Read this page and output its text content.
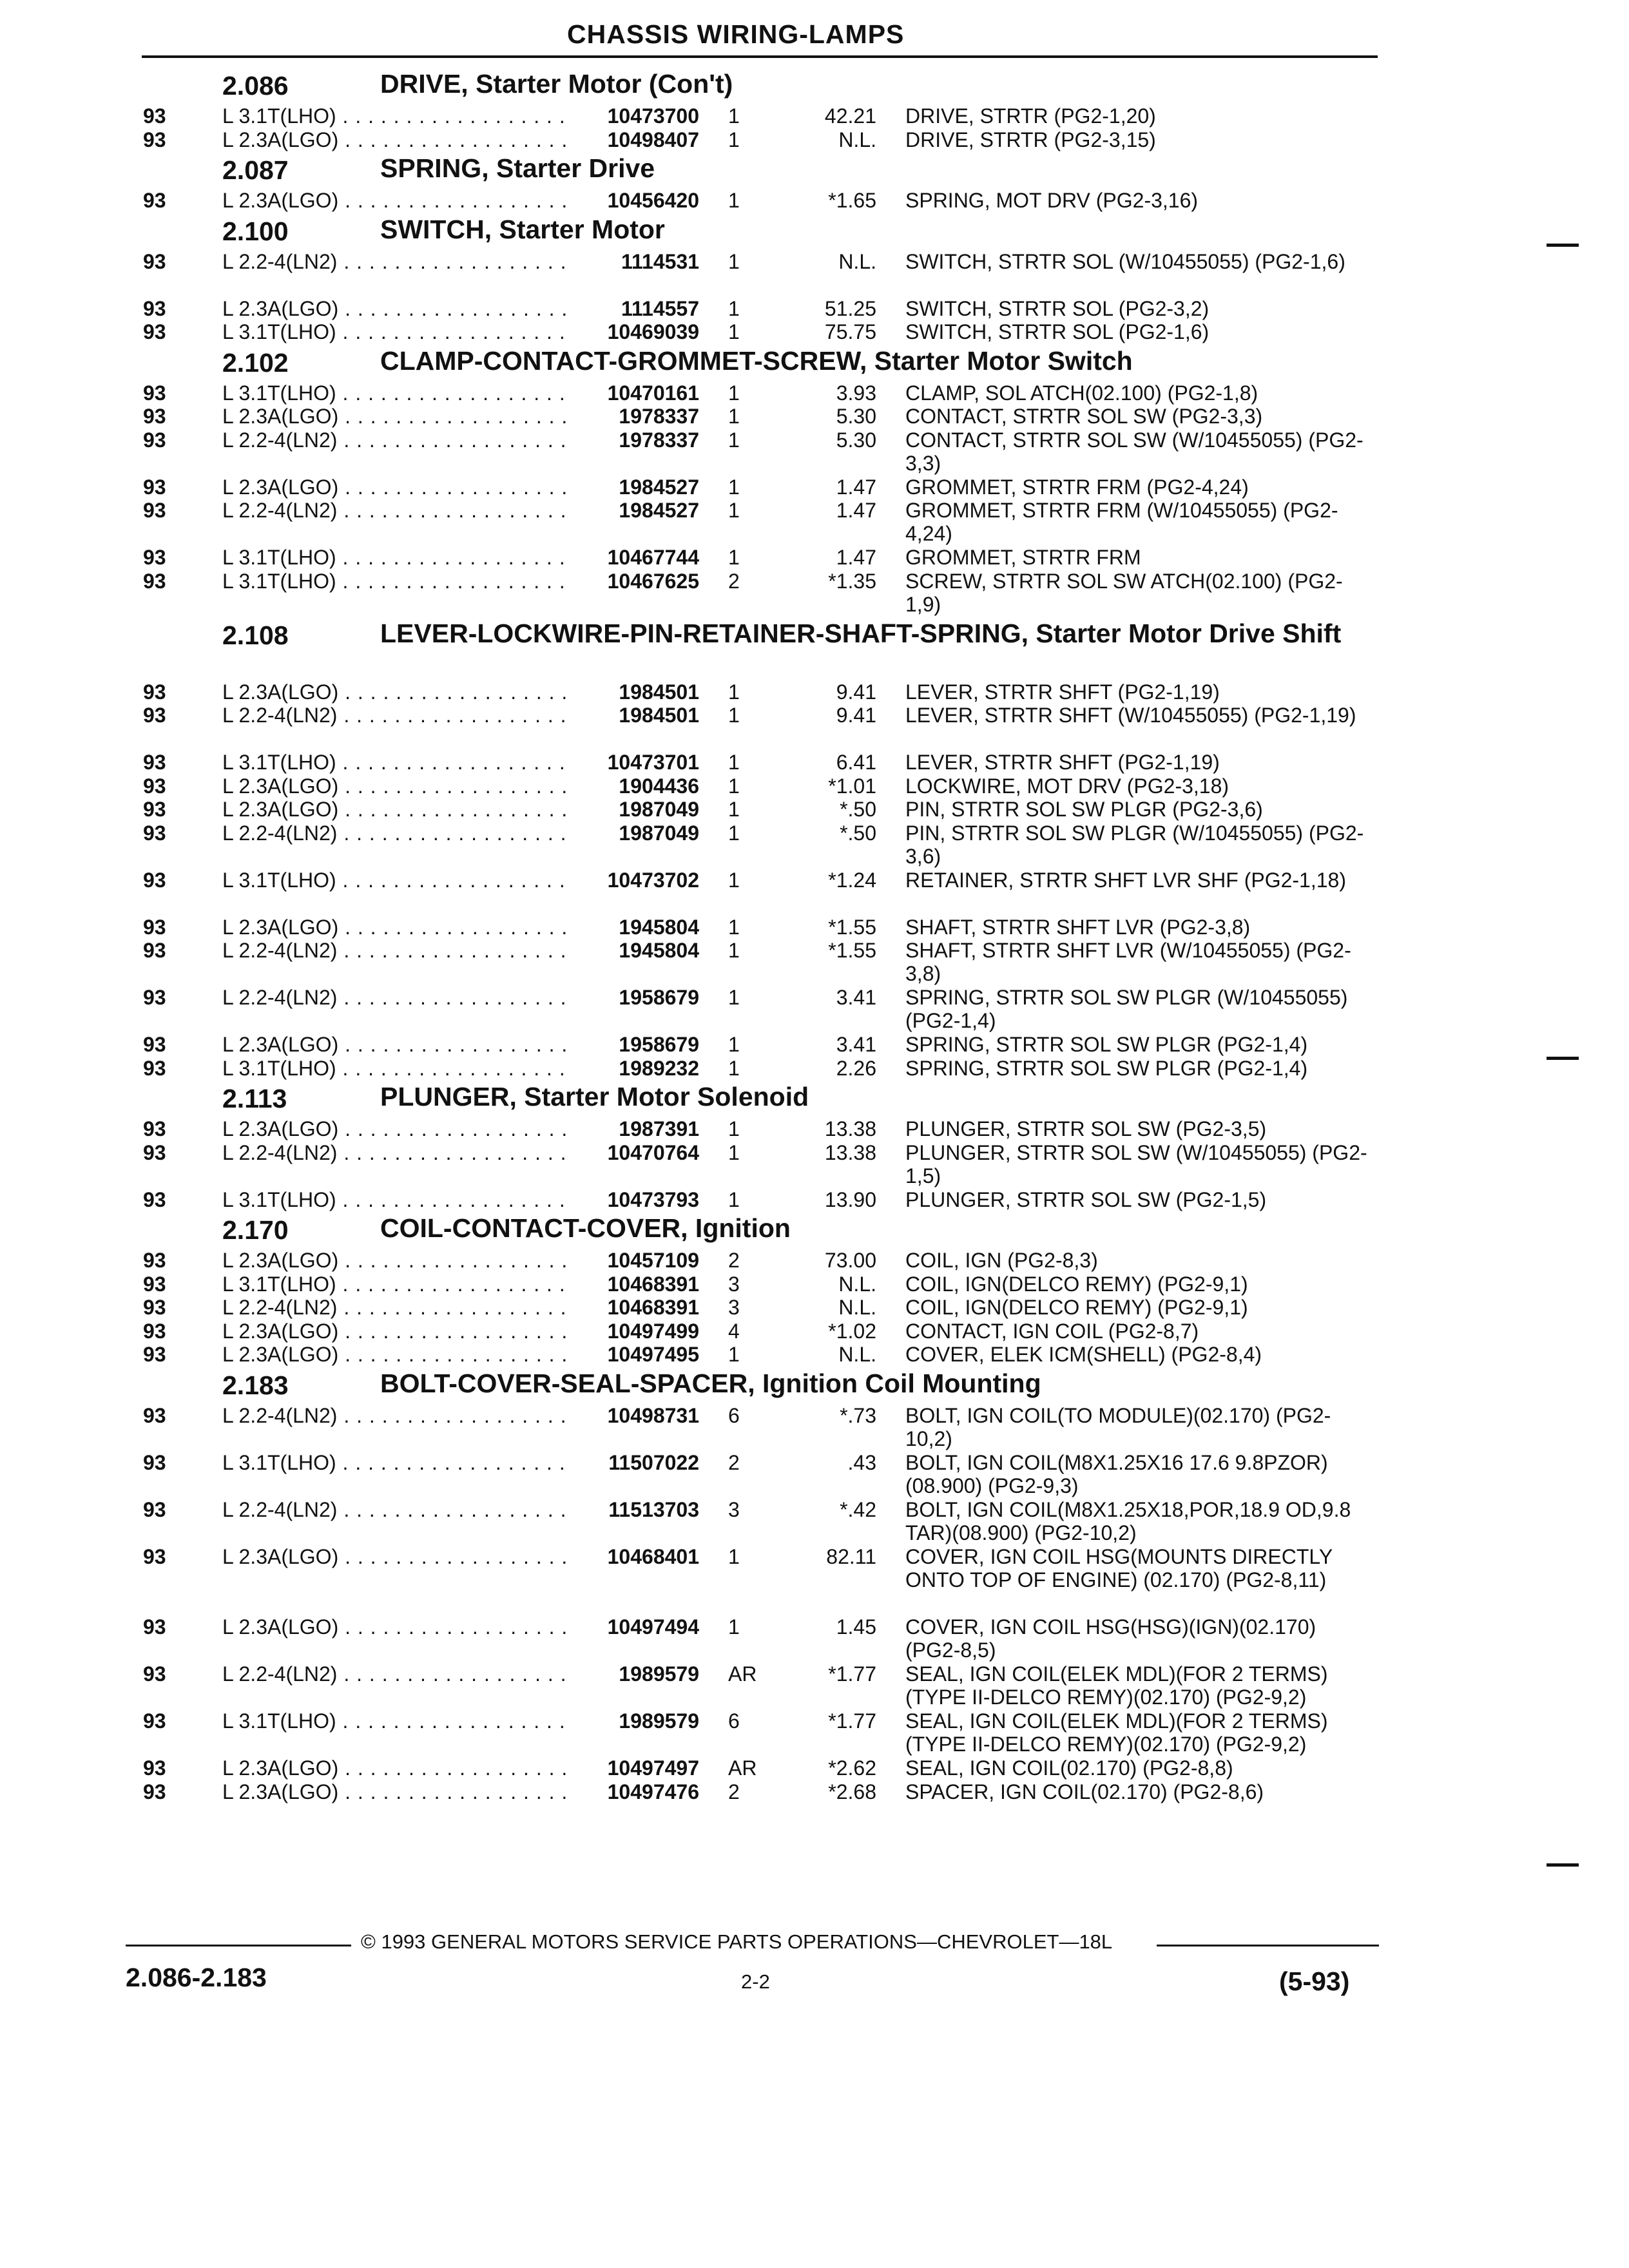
CHASSIS WIRING-LAMPS
2.086	DRIVE, Starter Motor (Con't)
93	L 3.1T(LHO) . . .	10473700 1	42.21 DRIVE, STRTR (PG2-1,20)
93	L 2.3A(LGO) . . .	10498407 1	N.L. DRIVE, STRTR (PG2-3,15)
2.087	SPRING, Starter Drive
93	L 2.3A(LGO) . . .	10456420 1	*1.65 SPRING, MOT DRV (PG2-3,16)
2.100	SWITCH, Starter Motor
93	L 2.2-4(LN2) . . .	1114531 1	N.L. SWITCH, STRTR SOL (W/10455055) (PG2-1,6)
93	L 2.3A(LGO) . . .	1114557 1	51.25 SWITCH, STRTR SOL (PG2-3,2)
93	L 3.1T(LHO) . . .	10469039 1	75.75 SWITCH, STRTR SOL (PG2-1,6)
2.102	CLAMP-CONTACT-GROMMET-SCREW, Starter Motor Switch
93	L 3.1T(LHO) . . .	10470161 1	3.93 CLAMP, SOL ATCH(02.100) (PG2-1,8)
93	L 2.3A(LGO) . . .	1978337 1	5.30 CONTACT, STRTR SOL SW (PG2-3,3)
93	L 2.2-4(LN2) . . .	1978337 1	5.30 CONTACT, STRTR SOL SW (W/10455055) (PG2-3,3)
93	L 2.3A(LGO) . . .	1984527 1	1.47 GROMMET, STRTR FRM (PG2-4,24)
93	L 2.2-4(LN2) . . .	1984527 1	1.47 GROMMET, STRTR FRM (W/10455055) (PG2-4,24)
93	L 3.1T(LHO) . . .	10467744 1	1.47 GROMMET, STRTR FRM
93	L 3.1T(LHO) . . .	10467625 2	*1.35 SCREW, STRTR SOL SW ATCH(02.100) (PG2-1,9)
2.108	LEVER-LOCKWIRE-PIN-RETAINER-SHAFT-SPRING, Starter Motor Drive Shift
93	L 2.3A(LGO) . . .	1984501 1	9.41 LEVER, STRTR SHFT (PG2-1,19)
93	L 2.2-4(LN2) . . .	1984501 1	9.41 LEVER, STRTR SHFT (W/10455055) (PG2-1,19)
93	L 3.1T(LHO) . . .	10473701 1	6.41 LEVER, STRTR SHFT (PG2-1,19)
93	L 2.3A(LGO) . . .	1904436 1	*1.01 LOCKWIRE, MOT DRV (PG2-3,18)
93	L 2.3A(LGO) . . .	1987049 1	*.50 PIN, STRTR SOL SW PLGR (PG2-3,6)
93	L 2.2-4(LN2) . . .	1987049 1	*.50 PIN, STRTR SOL SW PLGR (W/10455055) (PG2-3,6)
93	L 3.1T(LHO) . . .	10473702 1	*1.24 RETAINER, STRTR SHFT LVR SHF (PG2-1,18)
93	L 2.3A(LGO) . . .	1945804 1	*1.55 SHAFT, STRTR SHFT LVR (PG2-3,8)
93	L 2.2-4(LN2) . . .	1945804 1	*1.55 SHAFT, STRTR SHFT LVR (W/10455055) (PG2-3,8)
93	L 2.2-4(LN2) . . .	1958679 1	3.41 SPRING, STRTR SOL SW PLGR (W/10455055) (PG2-1,4)
93	L 2.3A(LGO) . . .	1958679 1	3.41 SPRING, STRTR SOL SW PLGR (PG2-1,4)
93	L 3.1T(LHO) . . .	1989232 1	2.26 SPRING, STRTR SOL SW PLGR (PG2-1,4)
2.113	PLUNGER, Starter Motor Solenoid
93	L 2.3A(LGO) . . .	1987391 1	13.38 PLUNGER, STRTR SOL SW (PG2-3,5)
93	L 2.2-4(LN2) . . .	10470764 1	13.38 PLUNGER, STRTR SOL SW (W/10455055) (PG2-1,5)
93	L 3.1T(LHO) . . .	10473793 1	13.90 PLUNGER, STRTR SOL SW (PG2-1,5)
2.170	COIL-CONTACT-COVER, Ignition
93	L 2.3A(LGO) . . .	10457109 2	73.00 COIL, IGN (PG2-8,3)
93	L 3.1T(LHO) . . .	10468391 3	N.L. COIL, IGN(DELCO REMY) (PG2-9,1)
93	L 2.2-4(LN2) . . .	10468391 3	N.L. COIL, IGN(DELCO REMY) (PG2-9,1)
93	L 2.3A(LGO) . . .	10497499 4	*1.02 CONTACT, IGN COIL (PG2-8,7)
93	L 2.3A(LGO) . . .	10497495 1	N.L. COVER, ELEK ICM(SHELL) (PG2-8,4)
2.183	BOLT-COVER-SEAL-SPACER, Ignition Coil Mounting
93	L 2.2-4(LN2) . . .	10498731 6	*.73 BOLT, IGN COIL(TO MODULE)(02.170) (PG2-10,2)
93	L 3.1T(LHO) . . .	11507022 2	.43 BOLT, IGN COIL(M8X1.25X16 17.6 9.8PZOR)(08.900) (PG2-9,3)
93	L 2.2-4(LN2) . . .	11513703 3	*.42 BOLT, IGN COIL(M8X1.25X18,POR,18.9 OD,9.8 TAR)(08.900) (PG2-10,2)
93	L 2.3A(LGO) . . .	10468401 1	82.11 COVER, IGN COIL HSG(MOUNTS DIRECTLY ONTO TOP OF ENGINE) (02.170) (PG2-8,11)
93	L 2.3A(LGO) . . .	10497494 1	1.45 COVER, IGN COIL HSG(HSG)(IGN)(02.170) (PG2-8,5)
93	L 2.2-4(LN2) . . .	1989579 AR	*1.77 SEAL, IGN COIL(ELEK MDL)(FOR 2 TERMS) (TYPE II-DELCO REMY)(02.170) (PG2-9,2)
93	L 3.1T(LHO) . . .	1989579 6	*1.77 SEAL, IGN COIL(ELEK MDL)(FOR 2 TERMS) (TYPE II-DELCO REMY)(02.170) (PG2-9,2)
93	L 2.3A(LGO) . . .	10497497 AR	*2.62 SEAL, IGN COIL(02.170) (PG2-8,8)
93	L 2.3A(LGO) . . .	10497476 2	*2.68 SPACER, IGN COIL(02.170) (PG2-8,6)
© 1993 GENERAL MOTORS SERVICE PARTS OPERATIONS—CHEVROLET—18L
2.086-2.183	2-2	(5-93)
